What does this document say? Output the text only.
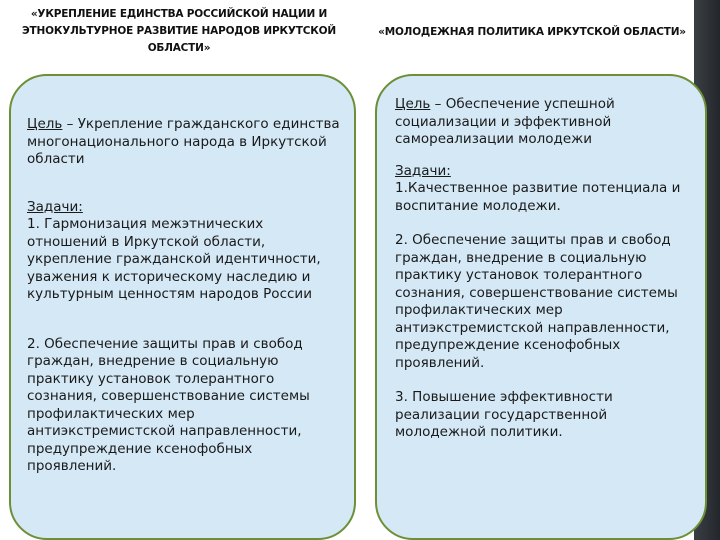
«УКРЕПЛЕНИЕ ЕДИНСТВА РОССИЙСКОЙ НАЦИИ И ЭТНОКУЛЬТУРНОЕ РАЗВИТИЕ НАРОДОВ ИРКУТСКОЙ ОБЛАСТИ»
«МОЛОДЕЖНАЯ ПОЛИТИКА ИРКУТСКОЙ ОБЛАСТИ»

Цель – Укрепление гражданского единства многонационального народа в Иркутской области

Задачи:
1. Гармонизация межэтнических отношений в Иркутской области, укрепление гражданской идентичности, уважения к историческому наследию и культурным ценностям народов России

2. Обеспечение защиты прав и свобод граждан, внедрение в социальную практику установок толерантного сознания, совершенствование системы профилактических мер антиэкстремистской направленности, предупреждение ксенофобных проявлений.

Цель – Обеспечение успешной социализации и эффективной самореализации молодежи

Задачи:
1.Качественное развитие потенциала и воспитание молодежи.

2. Обеспечение защиты прав и свобод граждан, внедрение в социальную практику установок толерантного сознания, совершенствование системы профилактических мер антиэкстремистской направленности, предупреждение ксенофобных проявлений.

3. Повышение эффективности реализации государственной молодежной политики.
